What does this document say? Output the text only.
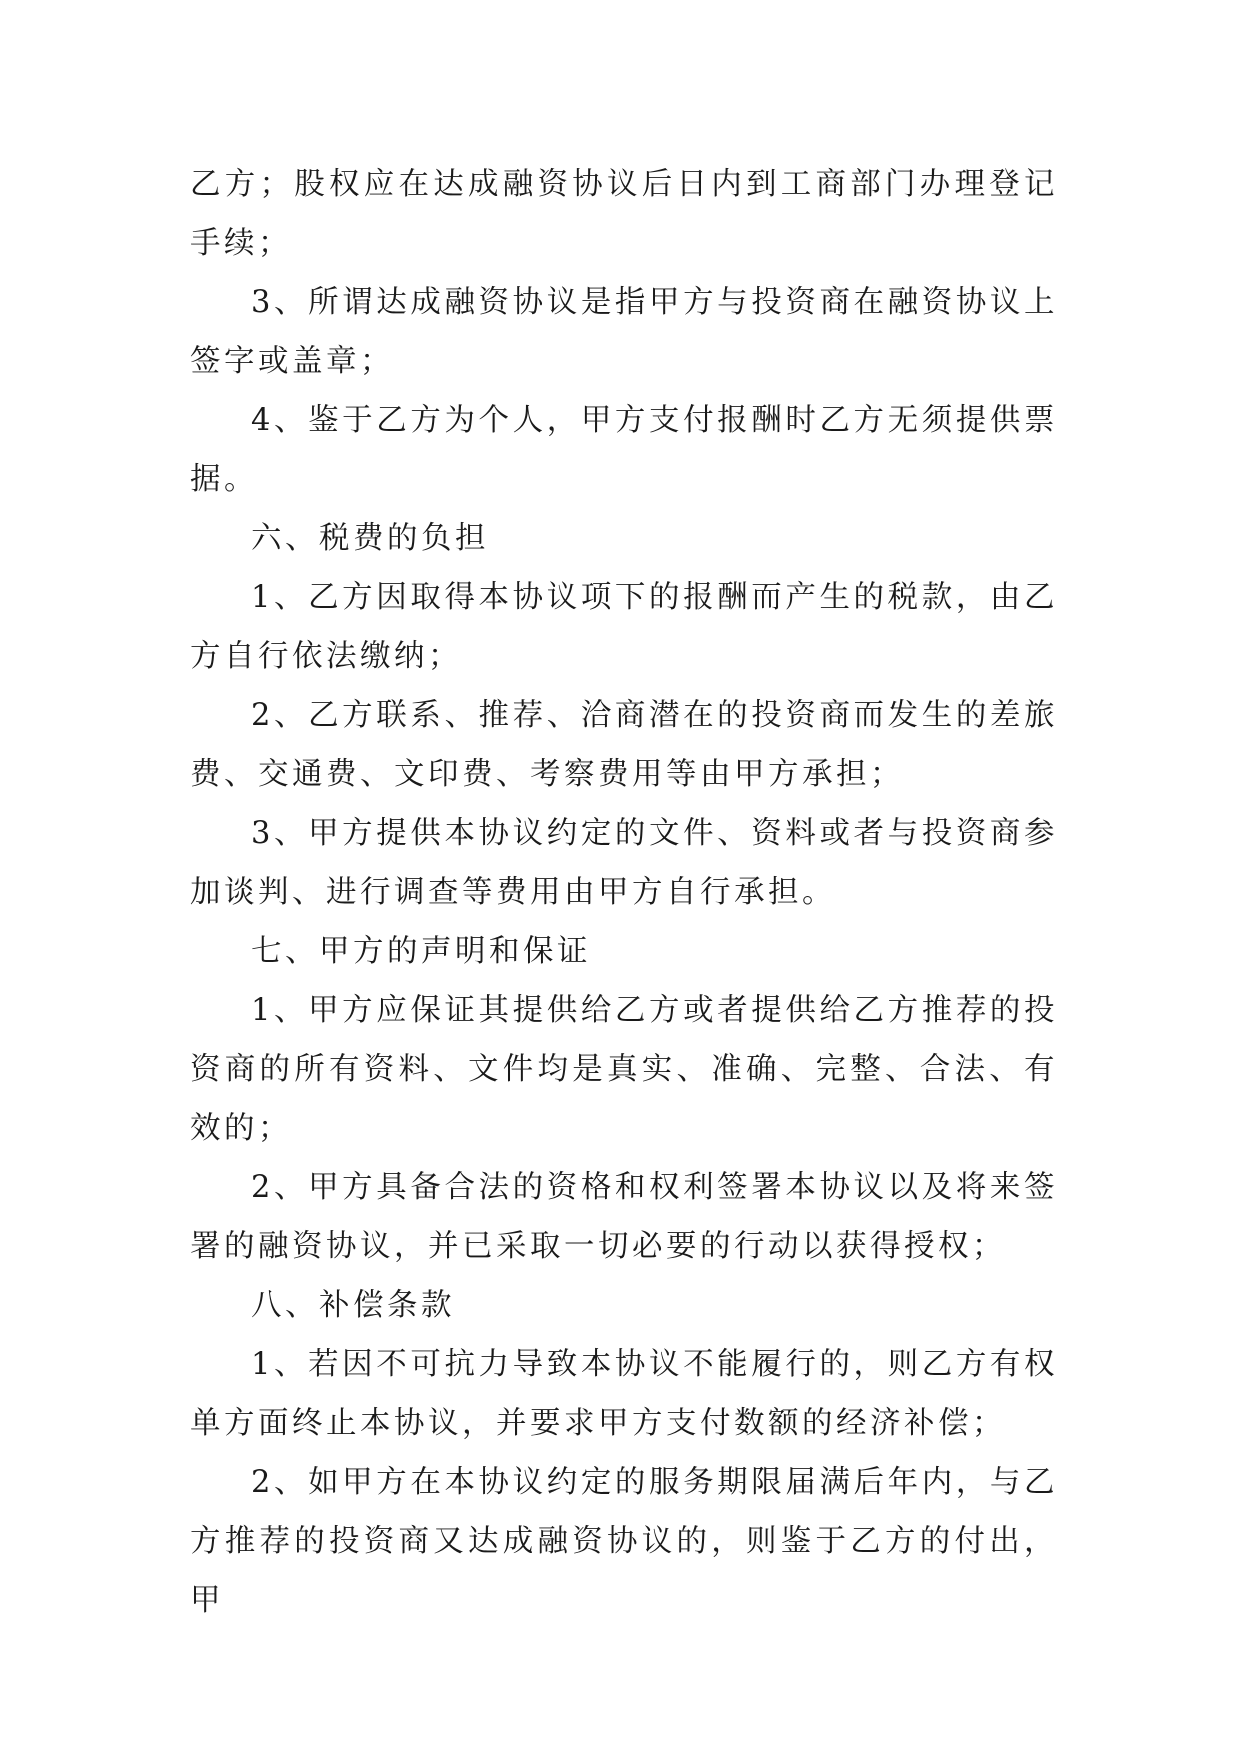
乙方；股权应在达成融资协议后日内到工商部门办理登记手续；

3、所谓达成融资协议是指甲方与投资商在融资协议上签字或盖章；

4、鉴于乙方为个人，甲方支付报酬时乙方无须提供票据。

六、税费的负担

1、乙方因取得本协议项下的报酬而产生的税款，由乙方自行依法缴纳；

2、乙方联系、推荐、洽商潜在的投资商而发生的差旅费、交通费、文印费、考察费用等由甲方承担；

3、甲方提供本协议约定的文件、资料或者与投资商参加谈判、进行调查等费用由甲方自行承担。

七、甲方的声明和保证

1、甲方应保证其提供给乙方或者提供给乙方推荐的投资商的所有资料、文件均是真实、准确、完整、合法、有效的；

2、甲方具备合法的资格和权利签署本协议以及将来签署的融资协议，并已采取一切必要的行动以获得授权；

八、补偿条款

1、若因不可抗力导致本协议不能履行的，则乙方有权单方面终止本协议，并要求甲方支付数额的经济补偿；

2、如甲方在本协议约定的服务期限届满后年内，与乙方推荐的投资商又达成融资协议的，则鉴于乙方的付出，甲
